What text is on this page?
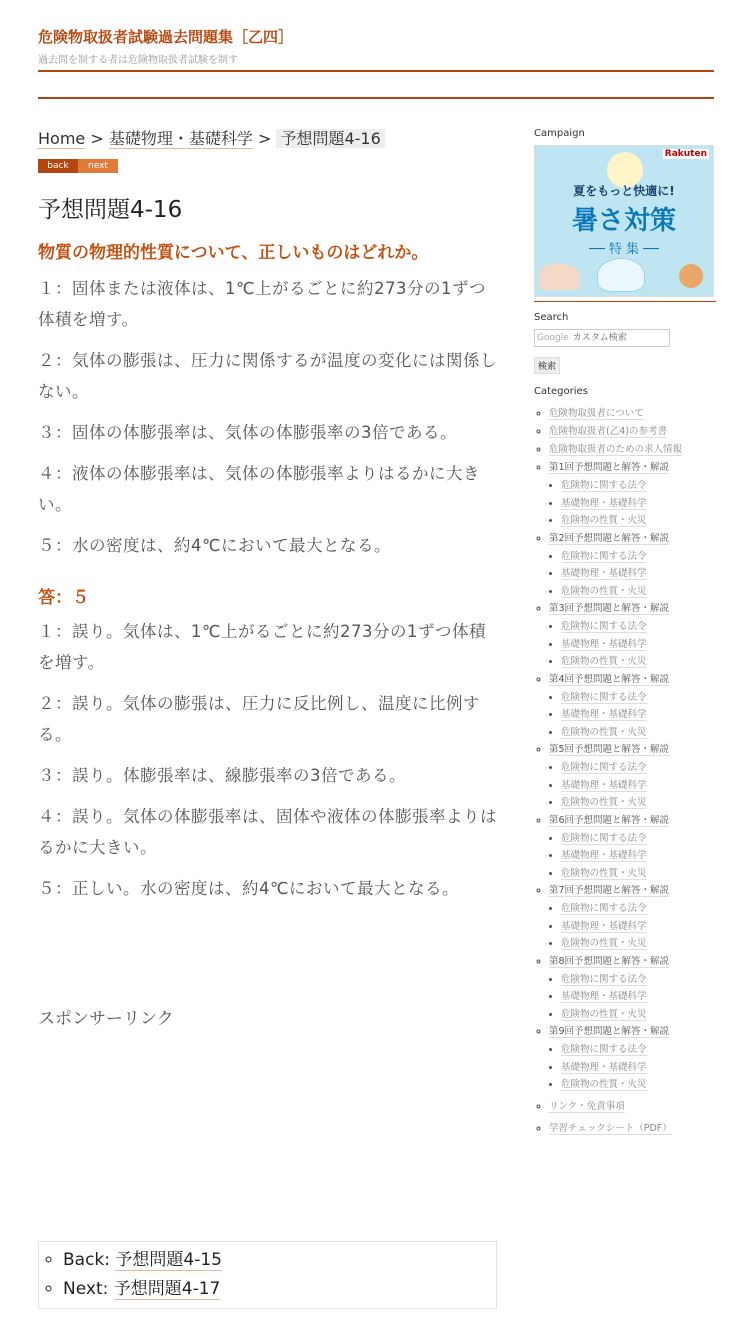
危険物取扱者試験過去問題集［乙四］
過去問を制する者は危険物取扱者試験を制す
Home > 基礎物理・基礎科学 > 予想問題4-16
back	next
予想問題4-16
物質の物理的性質について、正しいものはどれか。

１：固体または液体は、1℃上がるごとに約273分の1ずつ体積を増す。

２：気体の膨張は、圧力に関係するが温度の変化には関係しない。

３：固体の体膨張率は、気体の体膨張率の3倍である。

４：液体の体膨張率は、気体の体膨張率よりはるかに大きい。

５：水の密度は、約4℃において最大となる。

答：５

１：誤り。気体は、1℃上がるごとに約273分の1ずつ体積を増す。

２：誤り。気体の膨張は、圧力に反比例し、温度に比例する。

３：誤り。体膨張率は、線膨張率の3倍である。

４：誤り。気体の体膨張率は、固体や液体の体膨張率よりはるかに大きい。

５：正しい。水の密度は、約4℃において最大となる。

スポンサーリンク
◦ Back: 予想問題4-15
◦ Next: 予想問題4-17
Campaign
Rakuten
夏をもっと快適に!
暑さ対策
── 特 集 ──
Search
Google カスタム検索
検索
Categories
◦ 危険物取扱者について
◦ 危険物取扱者(乙4)の参考書
◦ 危険物取扱者のための求人情報
◦ 第1回予想問題と解答・解説
• 危険物に関する法令
• 基礎物理・基礎科学
• 危険物の性質・火災
◦ 第2回予想問題と解答・解説
• 危険物に関する法令
• 基礎物理・基礎科学
• 危険物の性質・火災
◦ 第3回予想問題と解答・解説
• 危険物に関する法令
• 基礎物理・基礎科学
• 危険物の性質・火災
◦ 第4回予想問題と解答・解説
• 危険物に関する法令
• 基礎物理・基礎科学
• 危険物の性質・火災
◦ 第5回予想問題と解答・解説
• 危険物に関する法令
• 基礎物理・基礎科学
• 危険物の性質・火災
◦ 第6回予想問題と解答・解説
• 危険物に関する法令
• 基礎物理・基礎科学
• 危険物の性質・火災
◦ 第7回予想問題と解答・解説
• 危険物に関する法令
• 基礎物理・基礎科学
• 危険物の性質・火災
◦ 第8回予想問題と解答・解説
• 危険物に関する法令
• 基礎物理・基礎科学
• 危険物の性質・火災
◦ 第9回予想問題と解答・解説
• 危険物に関する法令
• 基礎物理・基礎科学
• 危険物の性質・火災
◦ リンク・免責事項
◦ 学習チェックシート（PDF）
